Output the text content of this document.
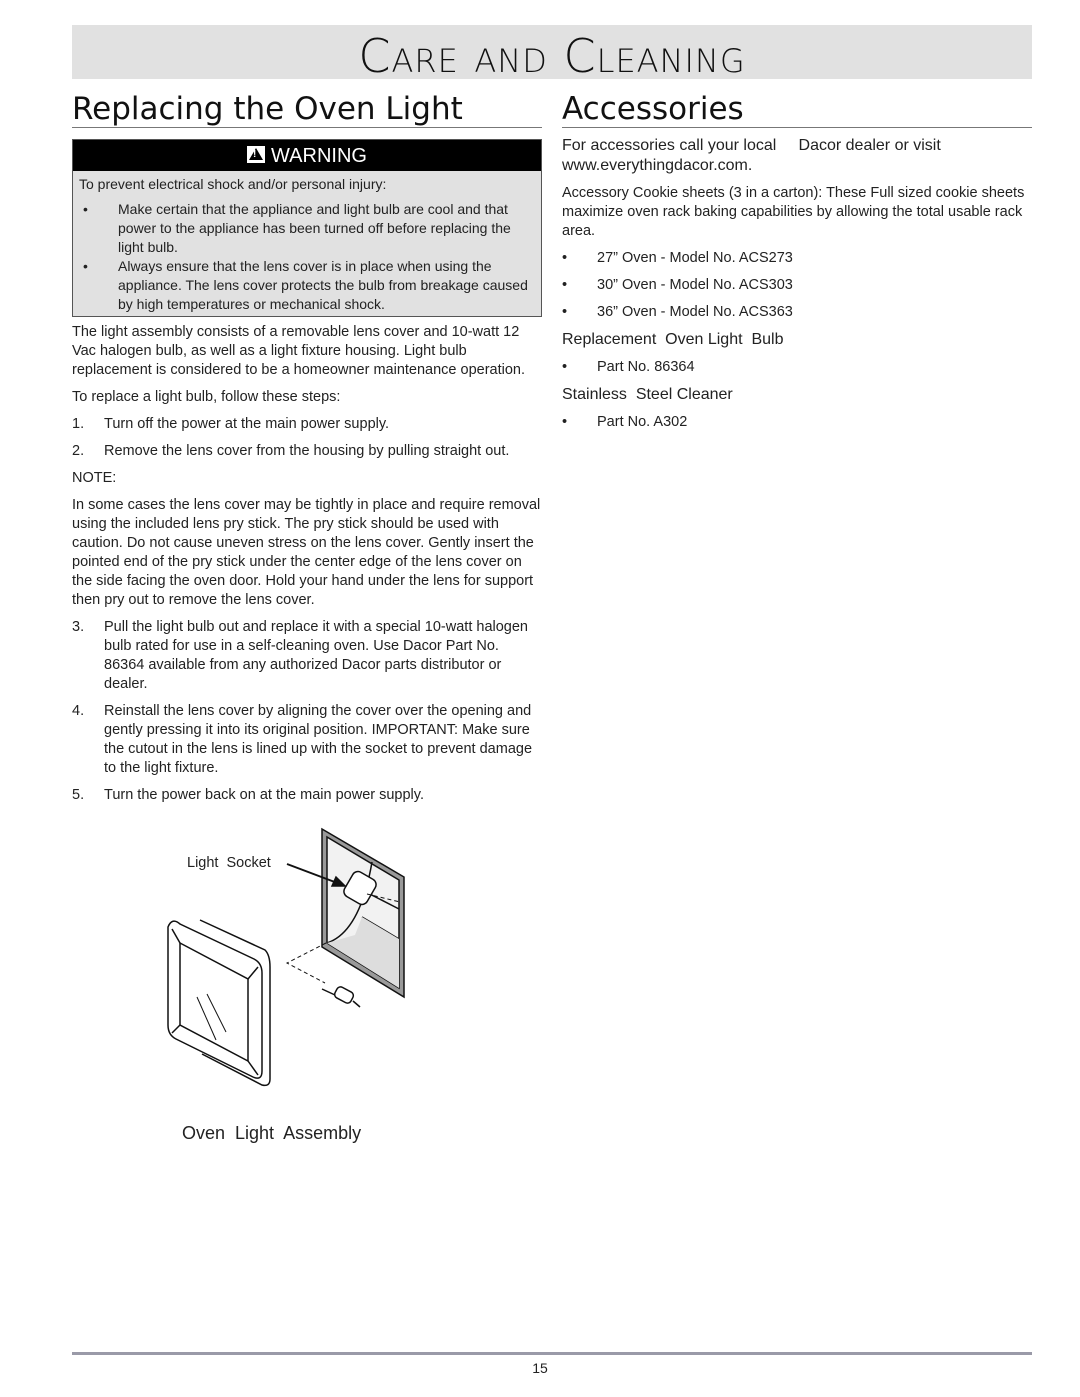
Care and Cleaning
Replacing the Oven Light
!WARNING
To prevent electrical shock and/or personal injury:
• Make certain that the appliance and light bulb are cool and that power to the appliance has been turned off before replacing the light bulb.
• Always ensure that the lens cover is in place when using the appliance. The lens cover protects the bulb from breakage caused by high temperatures or mechanical shock.
The light assembly consists of a removable lens cover and 10-watt 12 Vac halogen bulb, as well as a light fixture housing. Light bulb replacement is considered to be a homeowner maintenance operation.
To replace a light bulb, follow these steps:
1. Turn off the power at the main power supply.
2. Remove the lens cover from the housing by pulling straight out.
NOTE:
In some cases the lens cover may be tightly in place and require removal using the included lens pry stick. The pry stick should be used with caution. Do not cause uneven stress on the lens cover. Gently insert the pointed end of the pry stick under the center edge of the lens cover on the side facing the oven door. Hold your hand under the lens for support then pry out to remove the lens cover.
3. Pull the light bulb out and replace it with a special 10-watt halogen bulb rated for use in a self-cleaning oven. Use Dacor Part No. 86364 available from any authorized Dacor parts distributor or dealer.
4. Reinstall the lens cover by aligning the cover over the opening and gently pressing it into its original position. IMPORTANT: Make sure the cutout in the lens is lined up with the socket to prevent damage to the light fixture.
5. Turn the power back on at the main power supply.
Light  Socket
Oven  Light  Assembly
Accessories
For accessories call your local     Dacor dealer or visit www.everythingdacor.com.
Accessory Cookie sheets (3 in a carton): These Full sized cookie sheets maximize oven rack baking capabilities by allowing the total usable rack area.
• 27” Oven - Model No. ACS273
• 30” Oven - Model No. ACS303
• 36” Oven - Model No. ACS363
Replacement  Oven Light  Bulb
• Part No. 86364
Stainless  Steel Cleaner
• Part No. A302
15
